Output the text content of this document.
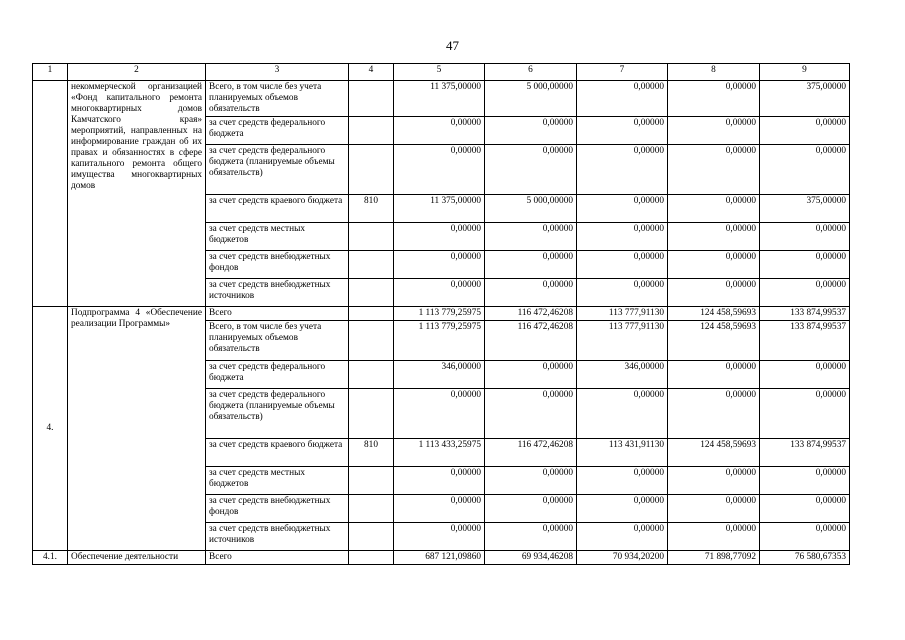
47
1	2	3	4	5	6	7	8	9
	некоммерческой организацией «Фонд капитального ремонта многоквартирных домов Камчатского края» мероприятий, направленных на информирование граждан об их правах и обязанностях в сфере капитального ремонта общего имущества многоквартирных домов	Всего, в том числе без учета планируемых объемов обязательств		11 375,00000	5 000,00000	0,00000	0,00000	375,00000
		за счет средств федерального бюджета		0,00000	0,00000	0,00000	0,00000	0,00000
		за счет средств федерального бюджета (планируемые объемы обязательств)		0,00000	0,00000	0,00000	0,00000	0,00000
		за счет средств краевого бюджета	810	11 375,00000	5 000,00000	0,00000	0,00000	375,00000
		за счет средств местных бюджетов		0,00000	0,00000	0,00000	0,00000	0,00000
		за счет средств внебюджетных фондов		0,00000	0,00000	0,00000	0,00000	0,00000
		за счет средств внебюджетных источников		0,00000	0,00000	0,00000	0,00000	0,00000
4.	Подпрограмма 4 «Обеспечение реализации Программы»	Всего		1 113 779,25975	116 472,46208	113 777,91130	124 458,59693	133 874,99537
		Всего, в том числе без учета планируемых объемов обязательств		1 113 779,25975	116 472,46208	113 777,91130	124 458,59693	133 874,99537
		за счет средств федерального бюджета		346,00000	0,00000	346,00000	0,00000	0,00000
		за счет средств федерального бюджета (планируемые объемы обязательств)		0,00000	0,00000	0,00000	0,00000	0,00000
		за счет средств краевого бюджета	810	1 113 433,25975	116 472,46208	113 431,91130	124 458,59693	133 874,99537
		за счет средств местных бюджетов		0,00000	0,00000	0,00000	0,00000	0,00000
		за счет средств внебюджетных фондов		0,00000	0,00000	0,00000	0,00000	0,00000
		за счет средств внебюджетных источников		0,00000	0,00000	0,00000	0,00000	0,00000
4.1.	Обеспечение деятельности	Всего		687 121,09860	69 934,46208	70 934,20200	71 898,77092	76 580,67353
